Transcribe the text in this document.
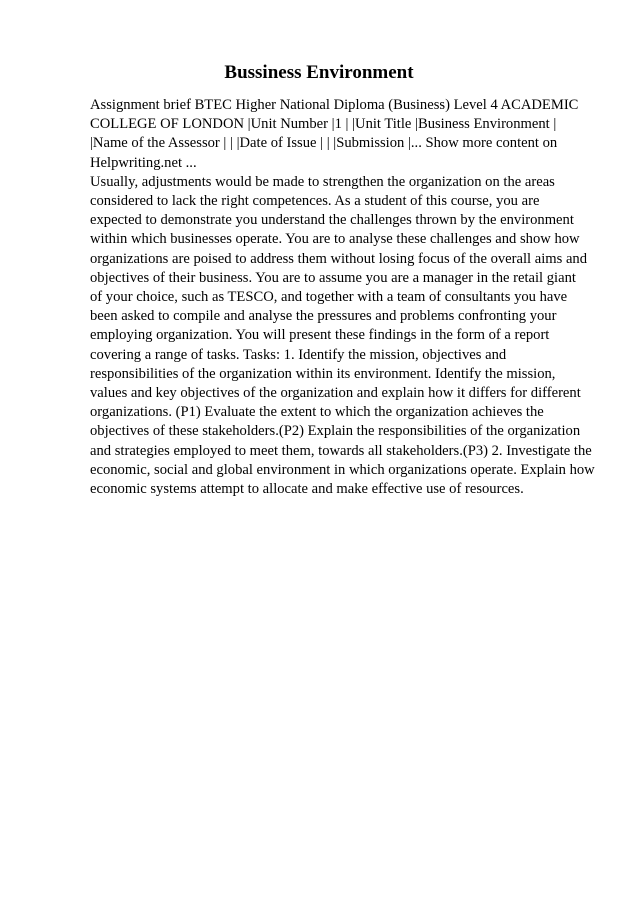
Bussiness Environment
Assignment brief BTEC Higher National Diploma (Business) Level 4 ACADEMIC
COLLEGE OF LONDON |Unit Number |1 | |Unit Title |Business Environment |
|Name of the Assessor | | |Date of Issue | | |Submission |... Show more content on
Helpwriting.net ...
Usually, adjustments would be made to strengthen the organization on the areas
considered to lack the right competences. As a student of this course, you are
expected to demonstrate you understand the challenges thrown by the environment
within which businesses operate. You are to analyse these challenges and show how
organizations are poised to address them without losing focus of the overall aims and
objectives of their business. You are to assume you are a manager in the retail giant
of your choice, such as TESCO, and together with a team of consultants you have
been asked to compile and analyse the pressures and problems confronting your
employing organization. You will present these findings in the form of a report
covering a range of tasks. Tasks: 1. Identify the mission, objectives and
responsibilities of the organization within its environment. Identify the mission,
values and key objectives of the organization and explain how it differs for different
organizations. (P1) Evaluate the extent to which the organization achieves the
objectives of these stakeholders.(P2) Explain the responsibilities of the organization
and strategies employed to meet them, towards all stakeholders.(P3) 2. Investigate the
economic, social and global environment in which organizations operate. Explain how
economic systems attempt to allocate and make effective use of resources.
